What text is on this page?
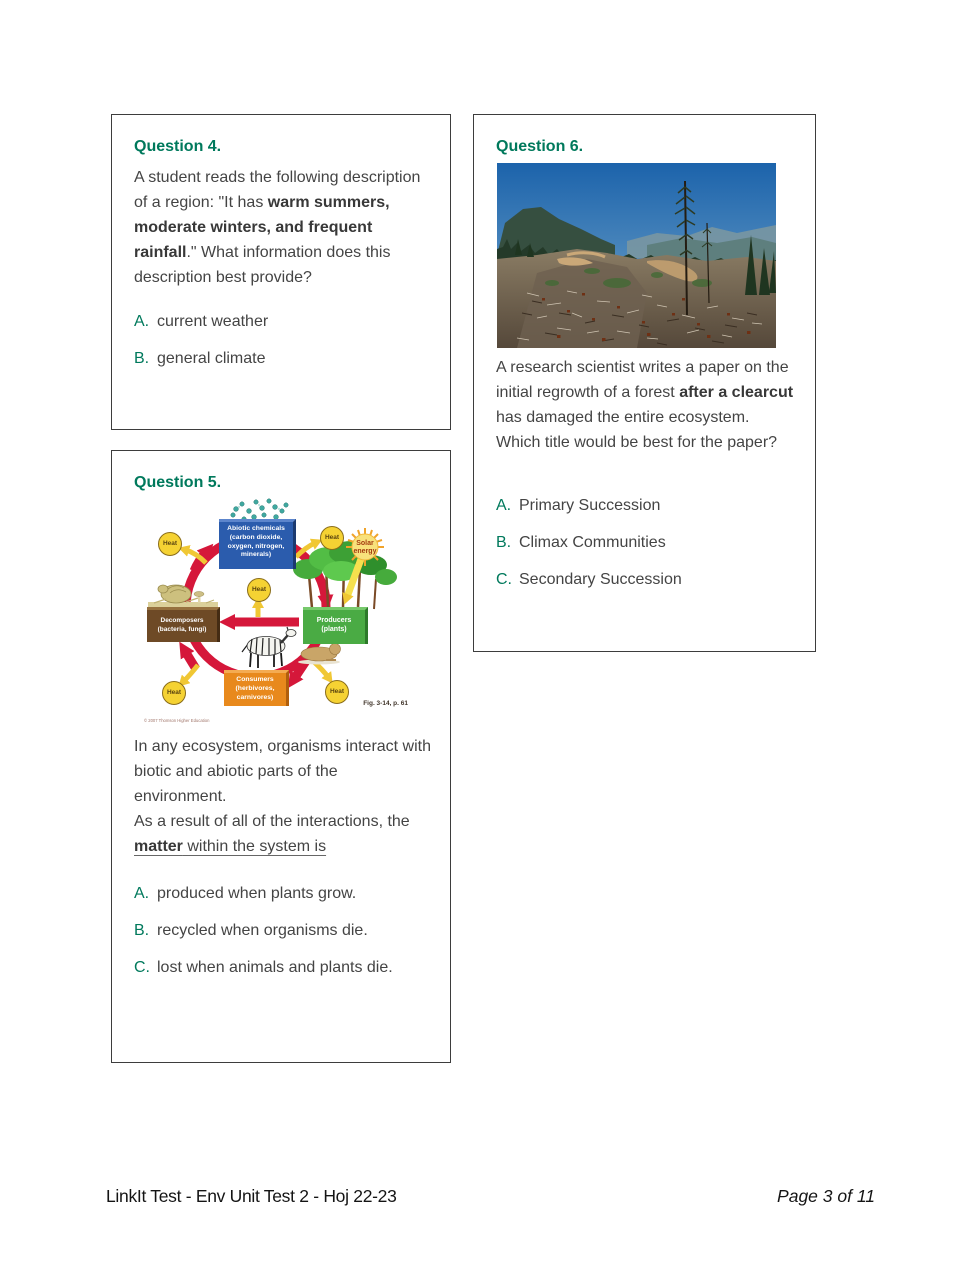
Question 4.

A student reads the following description of a region: "It has warm summers, moderate winters, and frequent rainfall." What information does this description best provide?

A. current weather
B. general climate
Question 5.
Solar
energy
Fig. 3-14, p. 61
© 2007 Thomson Higher Education
Abiotic chemicals
(carbon dioxide,
oxygen, nitrogen,
minerals)
Producers
(plants)
Decomposers
(bacteria, fungi)
Consumers
(herbivores,
carnivores)
Heat
Heat
Heat
Heat	Heat

In any ecosystem, organisms interact with biotic and abiotic parts of the environment.

As a result of all of the interactions, the matter within the system is

A. produced when plants grow.
B. recycled when organisms die.
C. lost when animals and plants die.
Question 6.

A research scientist writes a paper on the initial regrowth of a forest after a clearcut has damaged the entire ecosystem. Which title would be best for the paper?

A. Primary Succession
B. Climax Communities
C. Secondary Succession
LinkIt Test - Env Unit Test 2 - Hoj 22-23	Page 3 of 11
